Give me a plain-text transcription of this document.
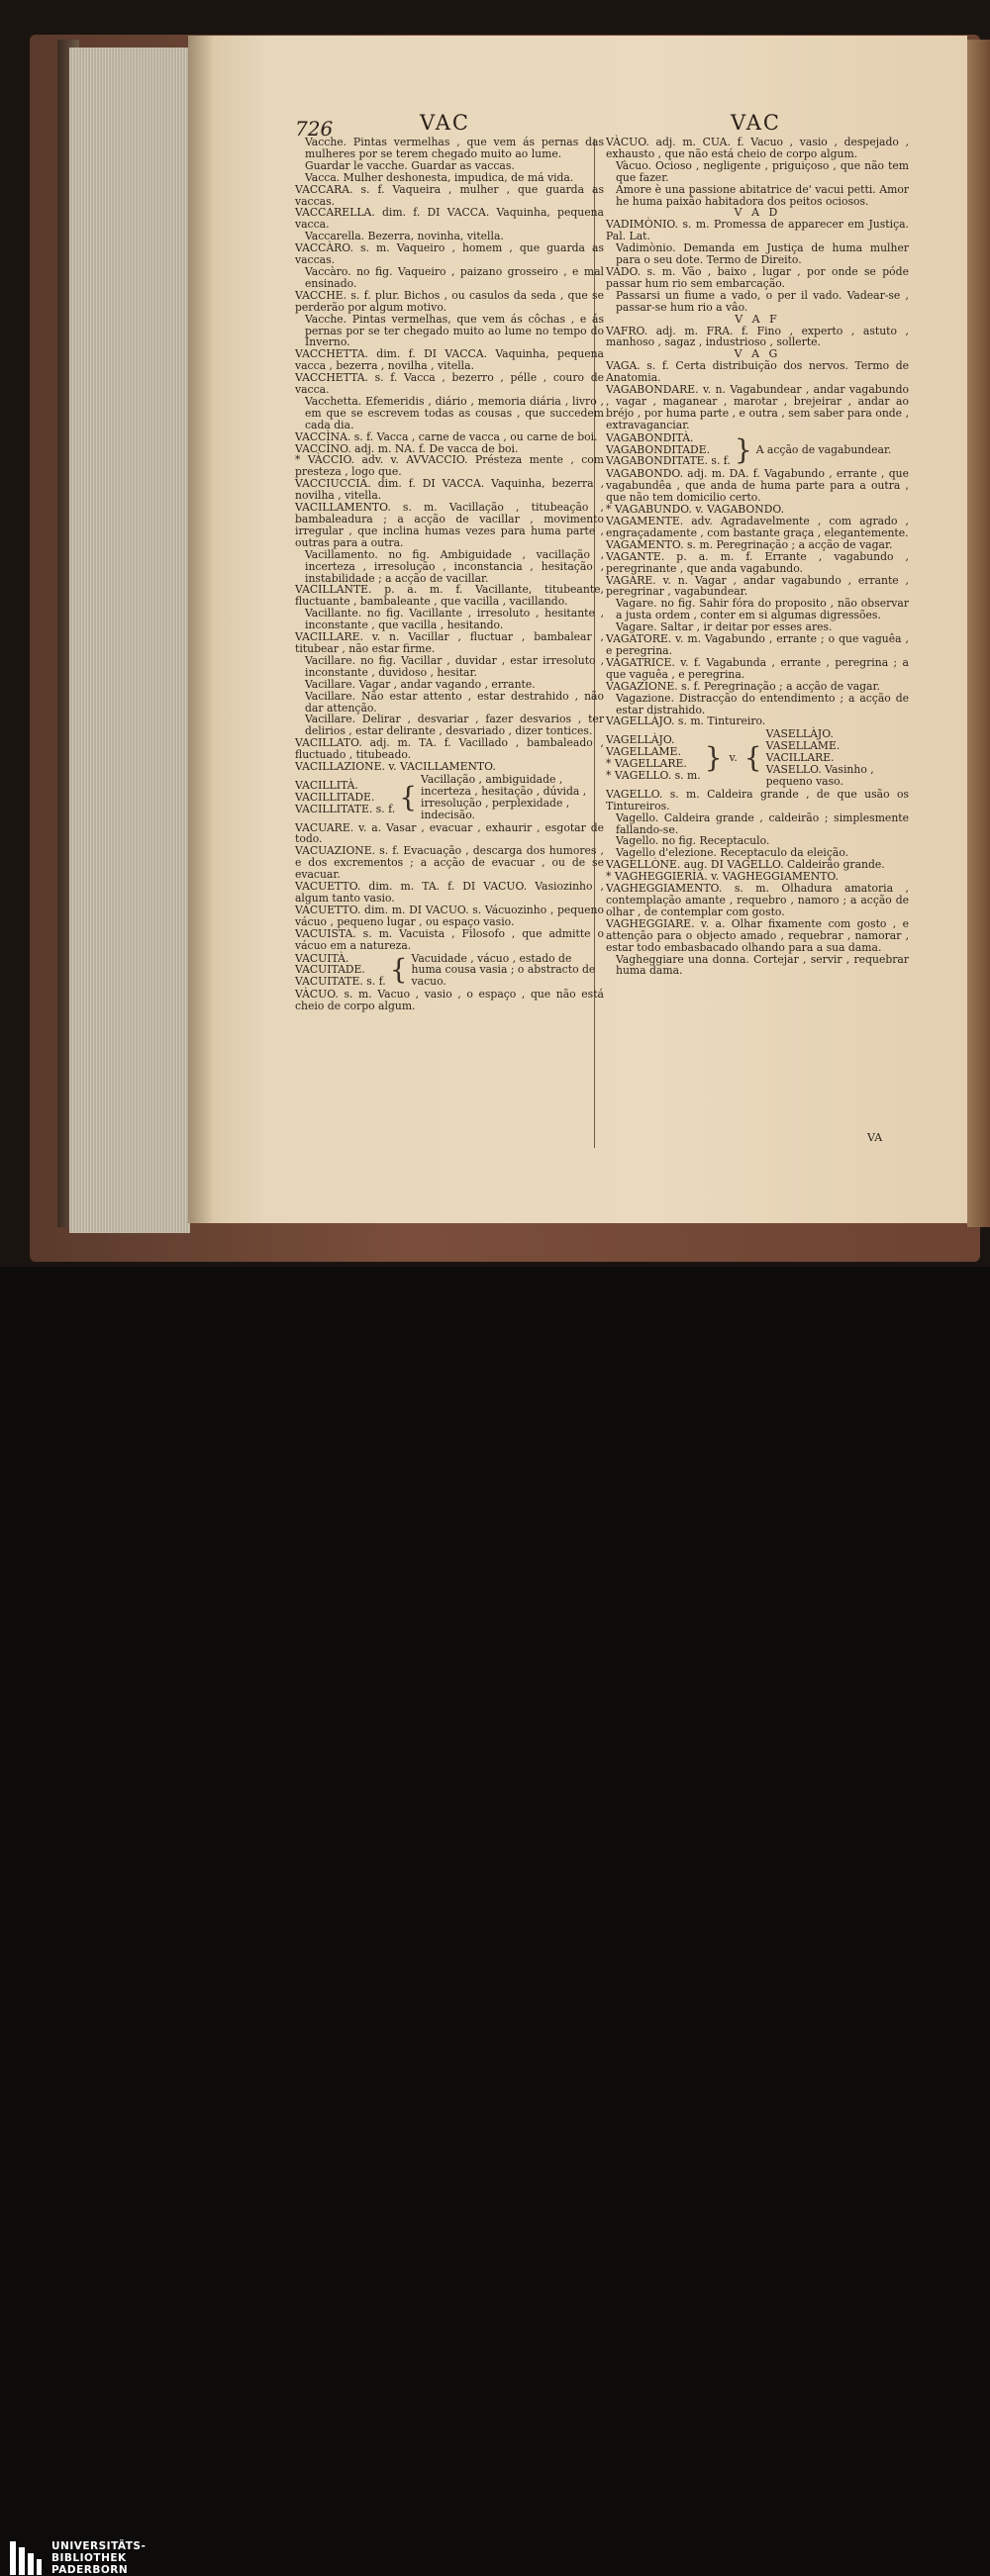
726	VAC	VAC

Vacche. Pintas vermelhas , que vem ás pernas das mulheres por se terem chegado muito ao lume.

Guardar le vacche. Guardar as vaccas.

Vacca. Mulher deshonesta, impudica, de má vida.

VACCARA. s. f. Vaqueira , mulher , que guarda as vaccas.

VACCARELLA. dim. f. DI VACCA. Vaquinha, pequena vacca.

Vaccarella. Bezerra, novinha, vitella.

VACCÀRO. s. m. Vaqueiro , homem , que guarda as vaccas.

Vaccàro. no fig. Vaqueiro , paizano grosseiro , e mal ensinado.

VACCHE. s. f. plur. Bichos , ou casulos da seda , que se perderão por algum motivo.

Vacche. Pintas vermelhas, que vem ás côchas , e ás pernas por se ter chegado muito ao lume no tempo do Inverno.

VACCHETTA. dim. f. DI VACCA. Vaquinha, pequena vacca , bezerra , novilha , vitella.

VACCHETTA. s. f. Vacca , bezerro , pélle , couro de vacca.

Vacchetta. Efemeridis , diário , memoria diária , livro , em que se escrevem todas as cousas , que succedem cada dia.

VACCÌNA. s. f. Vacca , carne de vacca , ou carne de boi.

VACCÌNO. adj. m. NA. f. De vacca de boi.

* VÀCCIO. adv. v. AVVACCIO. Présteza mente , com presteza , logo que.

VACCIUCCIA. dim. f. DI VACCA. Vaquinha, bezerra , novilha , vitella.

VACILLAMENTO. s. m. Vacillação , titubeação , bambaleadura ; a acção de vacillar , movimento irregular , que inclina humas vezes para huma parte , outras para a outra.

Vacillamento. no fig. Ambiguidade , vacillação , incerteza , irresolução , inconstancia , hesitação , instabilidade ; a acção de vacillar.

VACILLANTE. p. a. m. f. Vacillante, titubeante, fluctuante , bambaleante , que vacilla , vacillando.

Vacillante. no fig. Vacillante , irresoluto , hesitante , inconstante , que vacilla , hesitando.

VACILLARE. v. n. Vacillar , fluctuar , bambalear , titubear , não estar firme.

Vacillare. no fig. Vacillar , duvidar , estar irresoluto , inconstante , duvidoso , hesitar.

Vacillare. Vagar , andar vagando , errante.

Vacillare. Não estar attento , estar destrahido , não dar attenção.

Vacillare. Delirar , desvariar , fazer desvarios , ter delirios , estar delirante , desvariado , dizer tontices.

VACILLATO. adj. m. TA. f. Vacillado , bambaleado , fluctuado , titubeado.

VACILLAZIONE. v. VACILLAMENTO.

VACILLITÀ.
VACILLITADE.
VACILLITATE. s. f. {
Vacillação , ambiguidade , incerteza , hesitação , dúvida , irresolução , perplexidade , indecisão.

VACUARE. v. a. Vasar , evacuar , exhaurir , esgotar de todo.

VACUAZIONE. s. f. Evacuação , descarga dos humores , e dos excrementos ; a acção de evacuar , ou de se evacuar.

VACUETTO. dim. m. TA. f. DI VACUO. Vasiozinho , algum tanto vasio.

VACUETTO. dim. m. DI VACUO. s. Vácuozinho , pequeno vácuo , pequeno lugar , ou espaço vasio.

VACUISTA. s. m. Vacuista , Filosofo , que admitte o vácuo em a natureza.

VACUITÀ.
VACUITADE.
VACUITATE. s. f. { Vacuidade , vácuo , estado de huma cousa vasia ; o abstracto de vacuo.

VÀCUO. s. m. Vacuo , vasio , o espaço , que não está cheio de corpo algum.

VÀCUO. adj. m. CUA. f. Vacuo , vasio , despejado , exhausto , que não está cheio de corpo algum.

Vàcuo. Ocioso , negligente , priguiçoso , que não tem que fazer.

Amore è una passione abitatrice de' vacui petti. Amor he huma paixão habitadora dos peitos ociosos.

V A D

VADIMÒNIO. s. m. Promessa de apparecer em Justiça. Pal. Lat.

Vadimònio. Demanda em Justiça de huma mulher para o seu dote. Termo de Direito.

VADO. s. m. Vão , baixo , lugar , por onde se póde passar hum rio sem embarcação.

Passarsi un fiume a vado, o per il vado. Vadear-se , passar-se hum rio a vâo.

V A F

VAFRO. adj. m. FRA. f. Fino , experto , astuto , manhoso , sagaz , industrioso , sollerte.

V A G

VAGA. s. f. Certa distribuição dos nervos. Termo de Anatomia.

VAGABONDARE. v. n. Vagabundear , andar vagabundo , vagar , maganear , marotar , brejeirar , andar ao bréjo , por huma parte , e outra , sem saber para onde , extravaganciar.

VAGABONDITÀ.
VAGABONDITADE.
VAGABONDITATE. s. f. } A acção de vagabundear.

VAGABONDO. adj. m. DA. f. Vagabundo , errante , que vagabundêa , que anda de huma parte para a outra , que não tem domicilio certo.

* VAGABUNDO. v. VAGABONDO.

VAGAMENTE. adv. Agradavelmente , com agrado , engraçadamente , com bastante graça , elegantemente.

VAGAMENTO. s. m. Peregrinação ; a acção de vagar.

VAGANTE. p. a. m. f. Errante , vagabundo , peregrinante , que anda vagabundo.

VAGARE. v. n. Vagar , andar vagabundo , errante , peregrinar , vagabundear.

Vagare. no fig. Sahir fóra do proposito , não observar a justa ordem , conter em si algumas digressões.

Vagare. Saltar , ir deitar por esses ares.

VAGATORE. v. m. Vagabundo , errante ; o que vaguêa , e peregrina.

VAGATRICE. v. f. Vagabunda , errante , peregrina ; a que vaguêa , e peregrina.

VAGAZIONE. s. f. Peregrinação ; a acção de vagar.

Vagazione. Distracção do entendimento ; a acção de estar distrahido.

VAGELLÀJO. s. m. Tintureiro.

VAGELLÀJO.
VAGELLAME.
* VAGELLARE.
* VAGELLO. s. m.
} v. {
VASELLÀJO.
VASELLAME.
VACILLARE.
VASELLO. Vasinho , pequeno vaso.

VAGELLO. s. m. Caldeira grande , de que usão os Tintureiros.

Vagello. Caldeira grande , caldeirão ; simplesmente fallando-se.

Vagello. no fig. Receptaculo.

Vagello d'elezione. Receptaculo da eleição.

VAGELLÒNE. aug. DI VAGELLO. Caldeirão grande.

* VAGHEGGIERÌA. v. VAGHEGGIAMENTO.

VAGHEGGIAMENTO. s. m. Olhadura amatoria , contemplação amante , requebro , namoro ; a acção de olhar , de contemplar com gosto.

VAGHEGGIARE. v. a. Olhar fixamente com gosto , e attenção para o objecto amado , requebrar , namorar , estar todo embasbacado olhando para a sua dama.

Vagheggiare una donna. Cortejar , servir , requebrar huma dama.

VA
UNIVERSITÄTS-
BIBLIOTHEK
PADERBORN
